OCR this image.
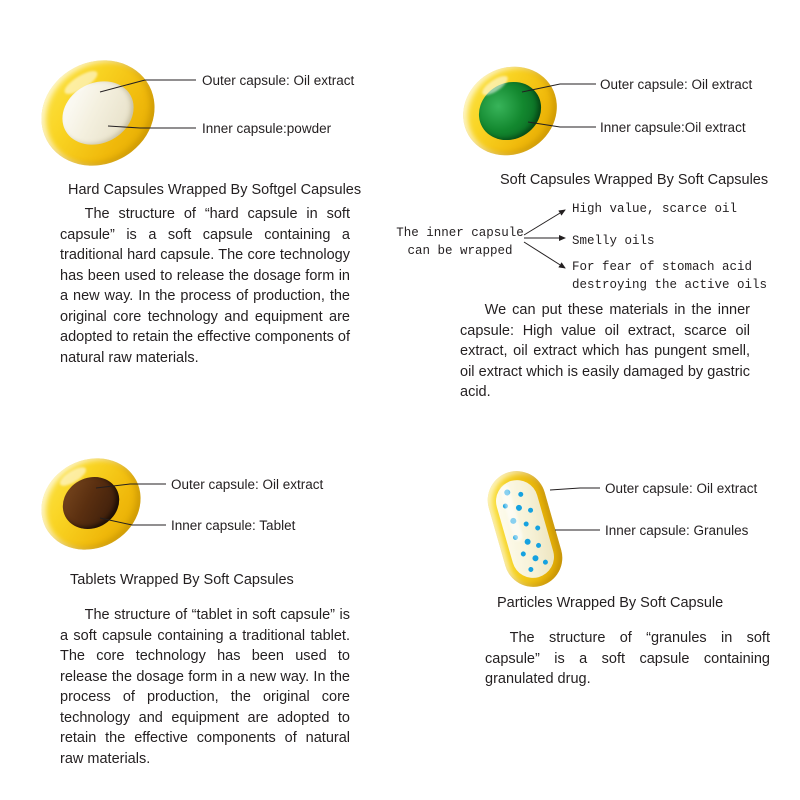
Outer capsule: Oil extract
Inner capsule:powder
Hard Capsules Wrapped By Softgel Capsules
The structure of “hard capsule in soft capsule” is a soft capsule containing a traditional hard capsule. The core technology has been used to release the dosage form in a new way. In the process of production, the original core technology and equipment are adopted to retain the effective components of natural raw materials.
Outer capsule: Oil extract
Inner capsule:Oil extract
Soft Capsules Wrapped By Soft Capsules
The inner capsule
can be wrapped
High value, scarce oil
Smelly oils
For fear of stomach acid
destroying the active oils
We can put these materials in the inner capsule: High value oil extract, scarce oil extract, oil extract which has pungent smell, oil extract which is easily damaged by gastric acid.
Outer capsule: Oil extract
Inner capsule: Tablet
Tablets Wrapped By Soft Capsules
The structure of “tablet in soft capsule” is a soft capsule containing a traditional tablet. The core technology has been used to release the dosage form in a new way. In the process of production, the original core technology and equipment are adopted to retain the effective components of natural raw materials.
Outer capsule: Oil extract
Inner capsule: Granules
Particles Wrapped By Soft Capsule
The structure of “granules in soft capsule” is a soft capsule containing granulated drug.
